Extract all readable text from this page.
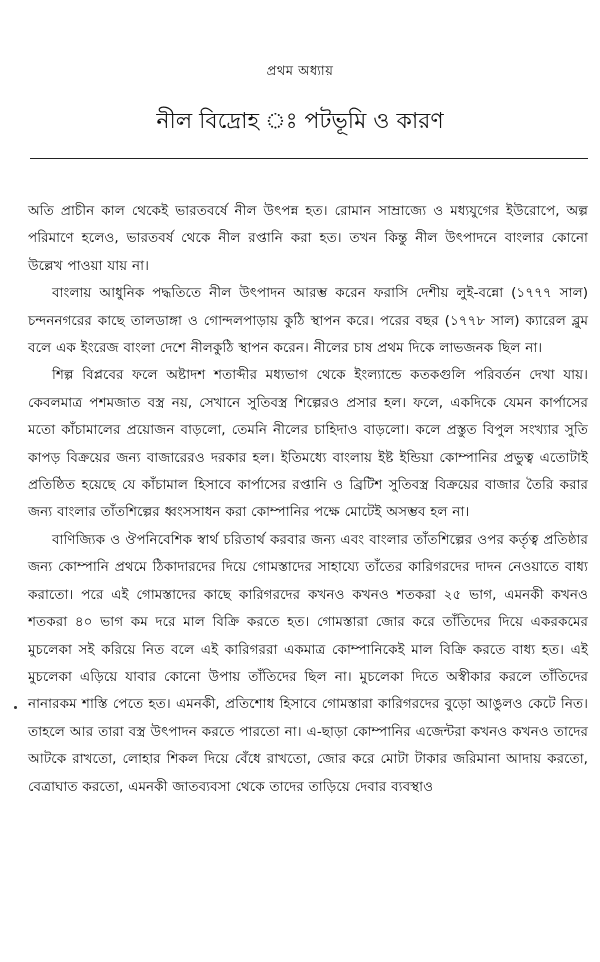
প্রথম অধ্যায়
নীল বিদ্রোহ ঃ পটভূমি ও কারণ

অতি প্রাচীন কাল থেকেই ভারতবর্ষে নীল উৎপন্ন হত। রোমান সাম্রাজ্যে ও মধ্যযুগের ইউরোপে, অল্প পরিমাণে হলেও, ভারতবর্ষ থেকে নীল রপ্তানি করা হত। তখন কিন্তু নীল উৎপাদনে বাংলার কোনো উল্লেখ পাওয়া যায় না।

বাংলায় আধুনিক পদ্ধতিতে নীল উৎপাদন আরম্ভ করেন ফরাসি দেশীয় লুই-বন্নো (১৭৭৭ সাল) চন্দননগরের কাছে তালডাঙ্গা ও গোন্দলপাড়ায় কুঠি স্থাপন করে। পরের বছর (১৭৭৮ সাল) ক্যারেল ব্লুম বলে এক ইংরেজ বাংলা দেশে নীলকুঠি স্থাপন করেন। নীলের চাষ প্রথম দিকে লাভজনক ছিল না।

শিল্প বিপ্লবের ফলে অষ্টাদশ শতাব্দীর মধ্যভাগ থেকে ইংল্যান্ডে কতকগুলি পরিবর্তন দেখা যায়। কেবলমাত্র পশমজাত বস্ত্র নয়, সেখানে সুতিবস্ত্র শিল্পেরও প্রসার হল। ফলে, একদিকে যেমন কার্পাসের মতো কাঁচামালের প্রয়োজন বাড়লো, তেমনি নীলের চাহিদাও বাড়লো। কলে প্রস্তুত বিপুল সংখ্যার সুতি কাপড় বিক্রয়ের জন্য বাজারেরও দরকার হল। ইতিমধ্যে বাংলায় ইষ্ট ইন্ডিয়া কোম্পানির প্রভুত্ব এতোটাই প্রতিষ্ঠিত হয়েছে যে কাঁচামাল হিসাবে কার্পাসের রপ্তানি ও ব্রিটিশ সুতিবস্ত্র বিক্রয়ের বাজার তৈরি করার জন্য বাংলার তাঁতশিল্পের ধ্বংসসাধন করা কোম্পানির পক্ষে মোটেই অসম্ভব হল না।

বাণিজ্যিক ও ঔপনিবেশিক স্বার্থ চরিতার্থ করবার জন্য এবং বাংলার তাঁতশিল্পের ওপর কর্তৃত্ব প্রতিষ্ঠার জন্য কোম্পানি প্রথমে ঠিকাদারদের দিয়ে গোমস্তাদের সাহায্যে তাঁতের কারিগরদের দাদন নেওয়াতে বাধ্য করাতো। পরে এই গোমস্তাদের কাছে কারিগরদের কখনও কখনও শতকরা ২৫ ভাগ, এমনকী কখনও শতকরা ৪০ ভাগ কম দরে মাল বিক্রি করতে হত। গোমস্তারা জোর করে তাঁতিদের দিয়ে একরকমের মুচলেকা সই করিয়ে নিত বলে এই কারিগররা একমাত্র কোম্পানিকেই মাল বিক্রি করতে বাধ্য হত। এই মুচলেকা এড়িয়ে যাবার কোনো উপায় তাঁতিদের ছিল না। মুচলেকা দিতে অস্বীকার করলে তাঁতিদের নানারকম শাস্তি পেতে হত। এমনকী, প্রতিশোধ হিসাবে গোমস্তারা কারিগরদের বুড়ো আঙুলও কেটে নিত। তাহলে আর তারা বস্ত্র উৎপাদন করতে পারতো না। এ-ছাড়া কোম্পানির এজেন্টরা কখনও কখনও তাদের আটকে রাখতো, লোহার শিকল দিয়ে বেঁধে রাখতো, জোর করে মোটা টাকার জরিমানা আদায় করতো, বেত্রাঘাত করতো, এমনকী জাতব্যবসা থেকে তাদের তাড়িয়ে দেবার ব্যবস্থাও
